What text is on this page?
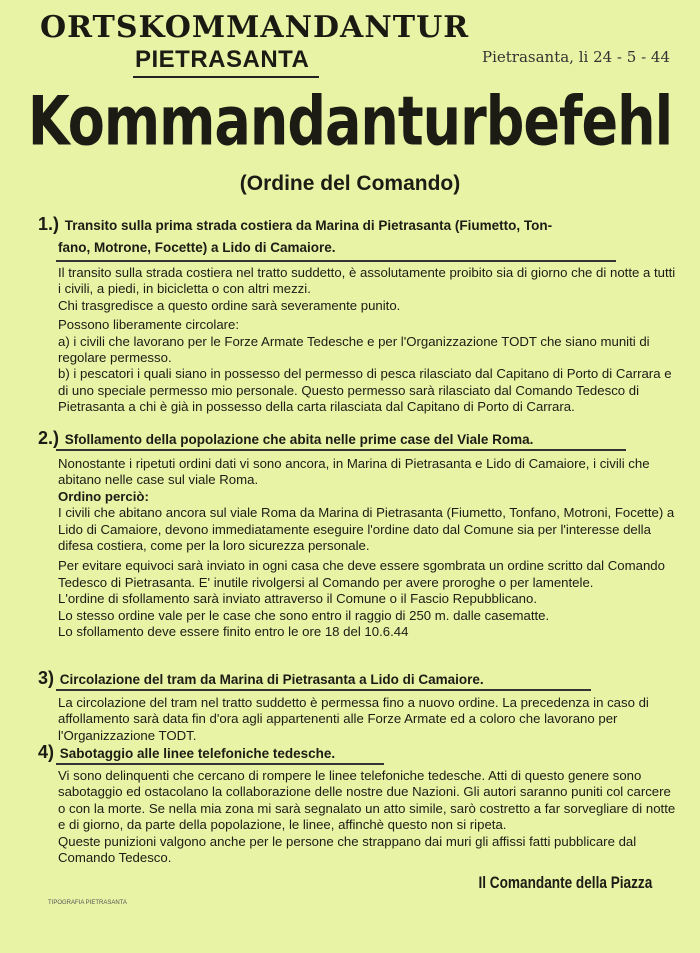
ORTSKOMMANDANTUR
PIETRASANTA	Pietrasanta, li 24 - 5 - 44
Kommandanturbefehl
(Ordine del Comando)
1.) Transito sulla prima strada costiera da Marina di Pietrasanta (Fiumetto, Ton-
fano, Motrone, Focette) a Lido di Camaiore.

Il transito sulla strada costiera nel tratto suddetto, è assolutamente proibito sia di giorno che di notte a tutti i civili, a piedi, in bicicletta o con altri mezzi.

Chi trasgredisce a questo ordine sarà severamente punito.

Possono liberamente circolare:

a) i civili che lavorano per le Forze Armate Tedesche e per l'Organizzazione TODT che siano muniti di regolare permesso.

b) i pescatori i quali siano in possesso del permesso di pesca rilasciato dal Capitano di Porto di Carrara e di uno speciale permesso mio personale. Questo permesso sarà rilasciato dal Comando Tedesco di Pietrasanta a chi è già in possesso della carta rilasciata dal Capitano di Porto di Carrara.

2.) Sfollamento della popolazione che abita nelle prime case del Viale Roma.

Nonostante i ripetuti ordini dati vi sono ancora, in Marina di Pietrasanta e Lido di Camaiore, i civili che abitano nelle case sul viale Roma.

Ordino perciò:

I civili che abitano ancora sul viale Roma da Marina di Pietrasanta (Fiumetto, Tonfano, Motroni, Focette) a Lido di Camaiore, devono immediatamente eseguire l'ordine dato dal Comune sia per l'interesse della difesa costiera, come per la loro sicurezza personale.

Per evitare equivoci sarà inviato in ogni casa che deve essere sgombrata un ordine scritto dal Comando Tedesco di Pietrasanta. E' inutile rivolgersi al Comando per avere proroghe o per lamentele.

L'ordine di sfollamento sarà inviato attraverso il Comune o il Fascio Repubblicano.

Lo stesso ordine vale per le case che sono entro il raggio di 250 m. dalle casematte.

Lo sfollamento deve essere finito entro le ore 18 del 10.6.44

3) Circolazione del tram da Marina di Pietrasanta a Lido di Camaiore.

La circolazione del tram nel tratto suddetto è permessa fino a nuovo ordine. La precedenza in caso di affollamento sarà data fin d'ora agli appartenenti alle Forze Armate ed a coloro che lavorano per l'Organizzazione TODT.

4) Sabotaggio alle linee telefoniche tedesche.

Vi sono delinquenti che cercano di rompere le linee telefoniche tedesche. Atti di questo genere sono sabotaggio ed ostacolano la collaborazione delle nostre due Nazioni. Gli autori saranno puniti col carcere o con la morte. Se nella mia zona mi sarà segnalato un atto simile, sarò costretto a far sorvegliare di notte e di giorno, da parte della popolazione, le linee, affinchè questo non si ripeta.

Queste punizioni valgono anche per le persone che strappano dai muri gli affissi fatti pubblicare dal Comando Tedesco.

Il Comandante della Piazza
TIPOGRAFIA PIETRASANTA
